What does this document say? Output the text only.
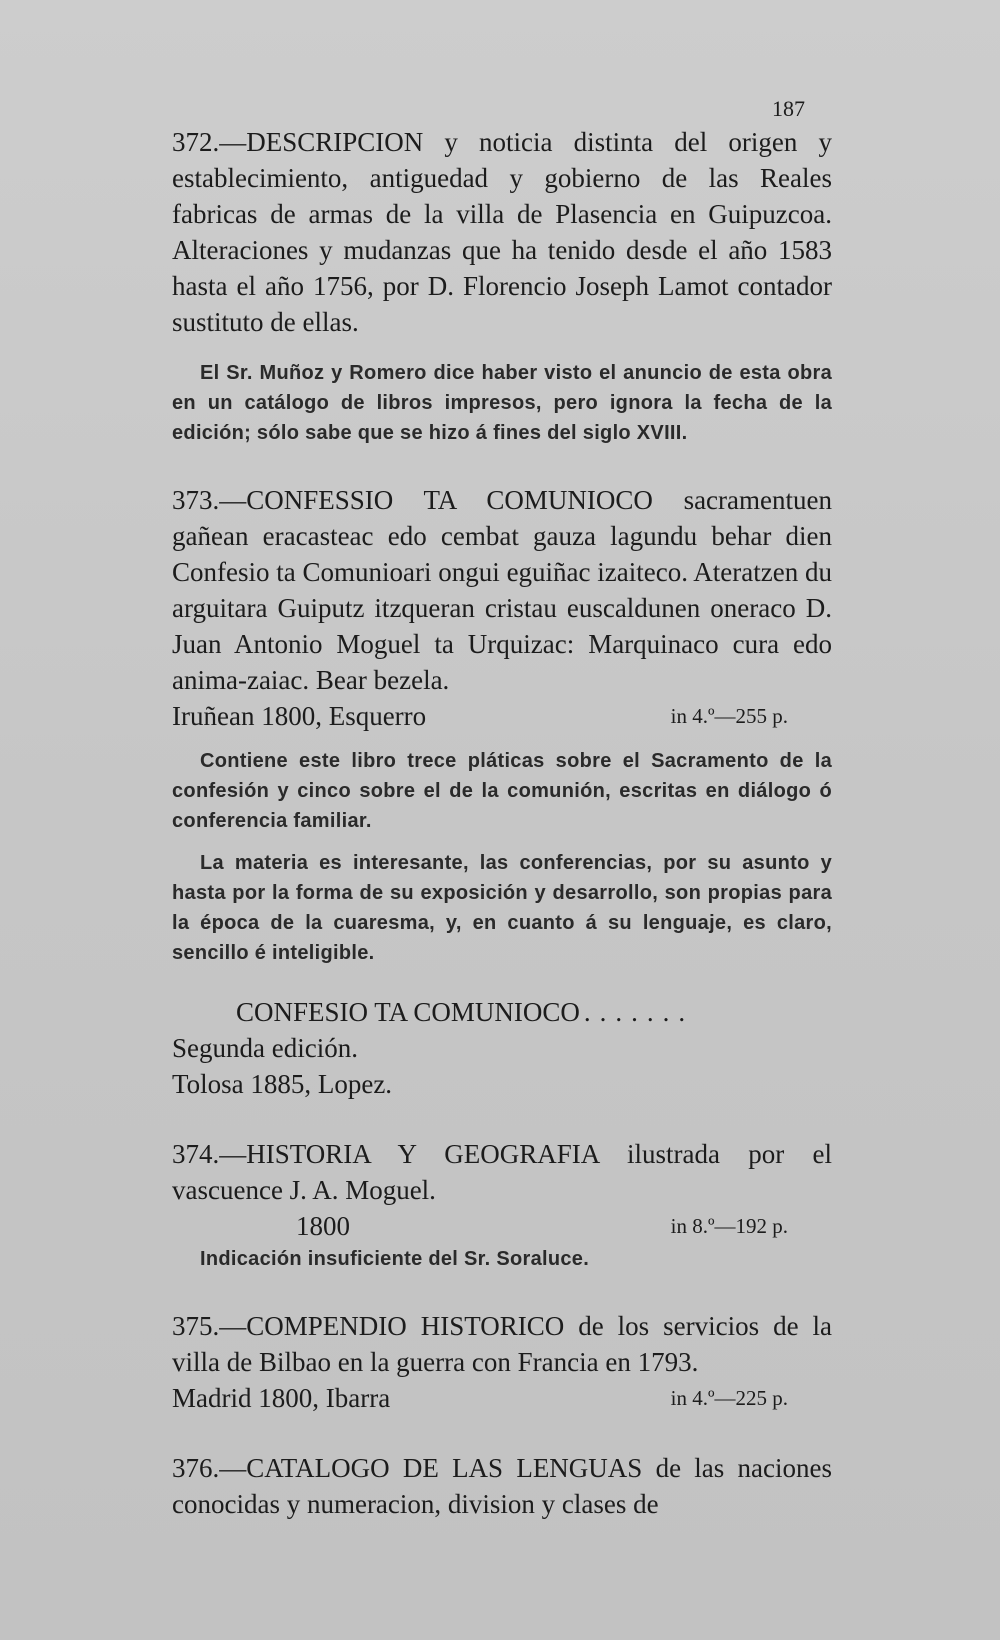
187

372.—DESCRIPCION y noticia distinta del origen y establecimiento, antiguedad y gobierno de las Reales fabricas de armas de la villa de Plasencia en Guipuzcoa. Alteraciones y mudanzas que ha tenido desde el año 1583 hasta el año 1756, por D. Florencio Joseph Lamot contador sustituto de ellas.

El Sr. Muñoz y Romero dice haber visto el anuncio de esta obra en un catálogo de libros impresos, pero ignora la fecha de la edición; sólo sabe que se hizo á fines del siglo XVIII.

373.—CONFESSIO TA COMUNIOCO sacramentuen gañean eracasteac edo cembat gauza lagundu behar dien Confesio ta Comunioari ongui eguiñac izaiteco. Ateratzen du arguitara Guiputz itzqueran cristau euscaldunen oneraco D. Juan Antonio Moguel ta Urquizac: Marquinaco cura edo anima-zaiac. Bear bezela.

Iruñean 1800, Esquerro	in 4.º—255 p.

Contiene este libro trece pláticas sobre el Sacramento de la confesión y cinco sobre el de la comunión, escritas en diálogo ó conferencia familiar.

La materia es interesante, las conferencias, por su asunto y hasta por la forma de su exposición y desarrollo, son propias para la época de la cuaresma, y, en cuanto á su lenguaje, es claro, sencillo é inteligible.

CONFESIO TA COMUNIOCO .......
Segunda edición.
Tolosa 1885, Lopez.

374.—HISTORIA Y GEOGRAFIA ilustrada por el vascuence J. A. Moguel.

1800	in 8.º—192 p.

Indicación insuficiente del Sr. Soraluce.

375.—COMPENDIO HISTORICO de los servicios de la villa de Bilbao en la guerra con Francia en 1793.

Madrid 1800, Ibarra	in 4.º—225 p.

376.—CATALOGO DE LAS LENGUAS de las naciones conocidas y numeracion, division y clases de
